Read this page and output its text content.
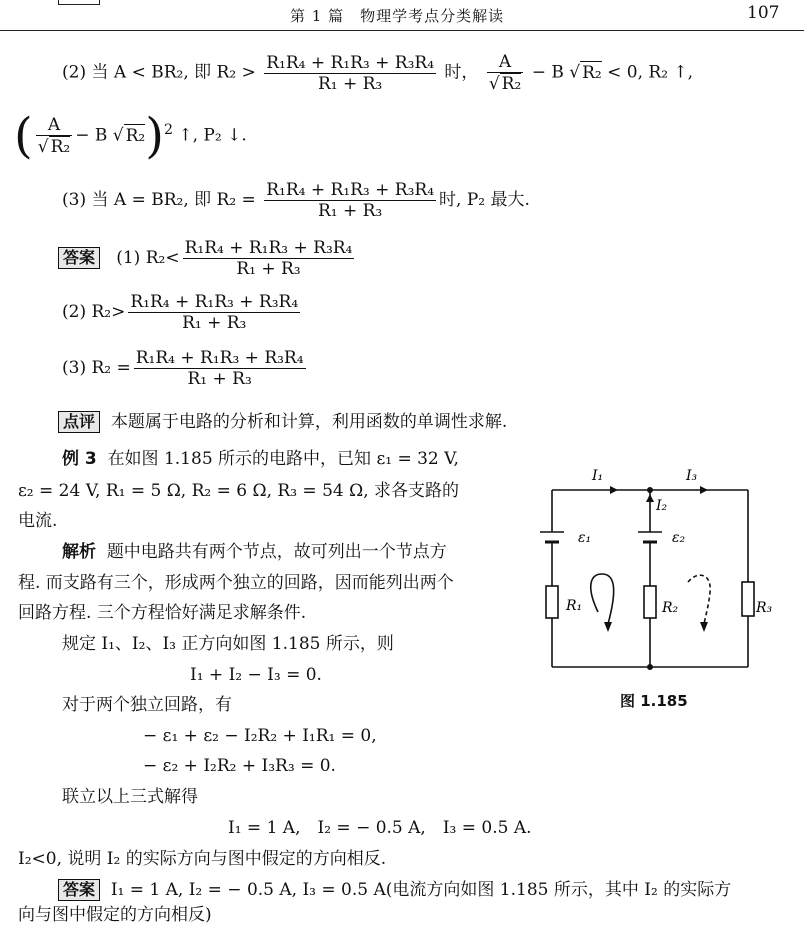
第 1 篇　物理学考点分类解读	107
(2) 当 A < BR₂, 即 $R_2 > \frac{\text{R₁R₄ + R₁R₃ + R₃R₄}}{\text{R₁ + R₃}}$ 时， $\frac{A}{\text{√ R₂}} - B$ √ R₂ < 0, R₂ ↑,
( $\frac{A}{\text{√ R₂}} - B$ √ R₂)$^2$ ↑, P₂ ↓.
(3) 当 A = BR₂, 即 $R_2 = \frac{\text{R₁R₄ + R₁R₃ + R₃R₄}}{\text{R₁ + R₃}}$ 时, P₂ 最大.
答案 (1) $R_2< \frac{\text{R₁R₄ + R₁R₃ + R₃R₄}}{\text{R₁ + R₃}}$
(2) $R_2> \frac{\text{R₁R₄ + R₁R₃ + R₃R₄}}{\text{R₁ + R₃}}$
(3) $R_2 = \frac{\text{R₁R₄ + R₁R₃ + R₃R₄}}{\text{R₁ + R₃}}$
点评 本题属于电路的分析和计算，利用函数的单调性求解.
例 3 在如图 1.185 所示的电路中，已知 ε₁ = 32 V,
ε₂ = 24 V, R₁ = 5 Ω, R₂ = 6 Ω, R₃ = 54 Ω, 求各支路的
电流.
解析 题中电路共有两个节点，故可列出一个节点方
程. 而支路有三个，形成两个独立的回路，因而能列出两个
回路方程. 三个方程恰好满足求解条件.
规定 I₁、I₂、I₃ 正方向如图 1.185 所示，则
I₁ + I₂ − I₃ = 0.
对于两个独立回路，有
− ε₁ + ε₂ − I₂R₂ + I₁R₁ = 0,
− ε₂ + I₂R₂ + I₃R₃ = 0.
联立以上三式解得
I₁ = 1 A,　I₂ = − 0.5 A,　I₃ = 0.5 A.
I₂<0, 说明 I₂ 的实际方向与图中假定的方向相反.
答案 I₁ = 1 A, I₂ = − 0.5 A, I₃ = 0.5 A(电流方向如图 1.185 所示，其中 I₂ 的实际方
向与图中假定的方向相反)
I₁	I₃
I₂
ε₁	ε₂
R₁	R₂	R₃
图 1.185
